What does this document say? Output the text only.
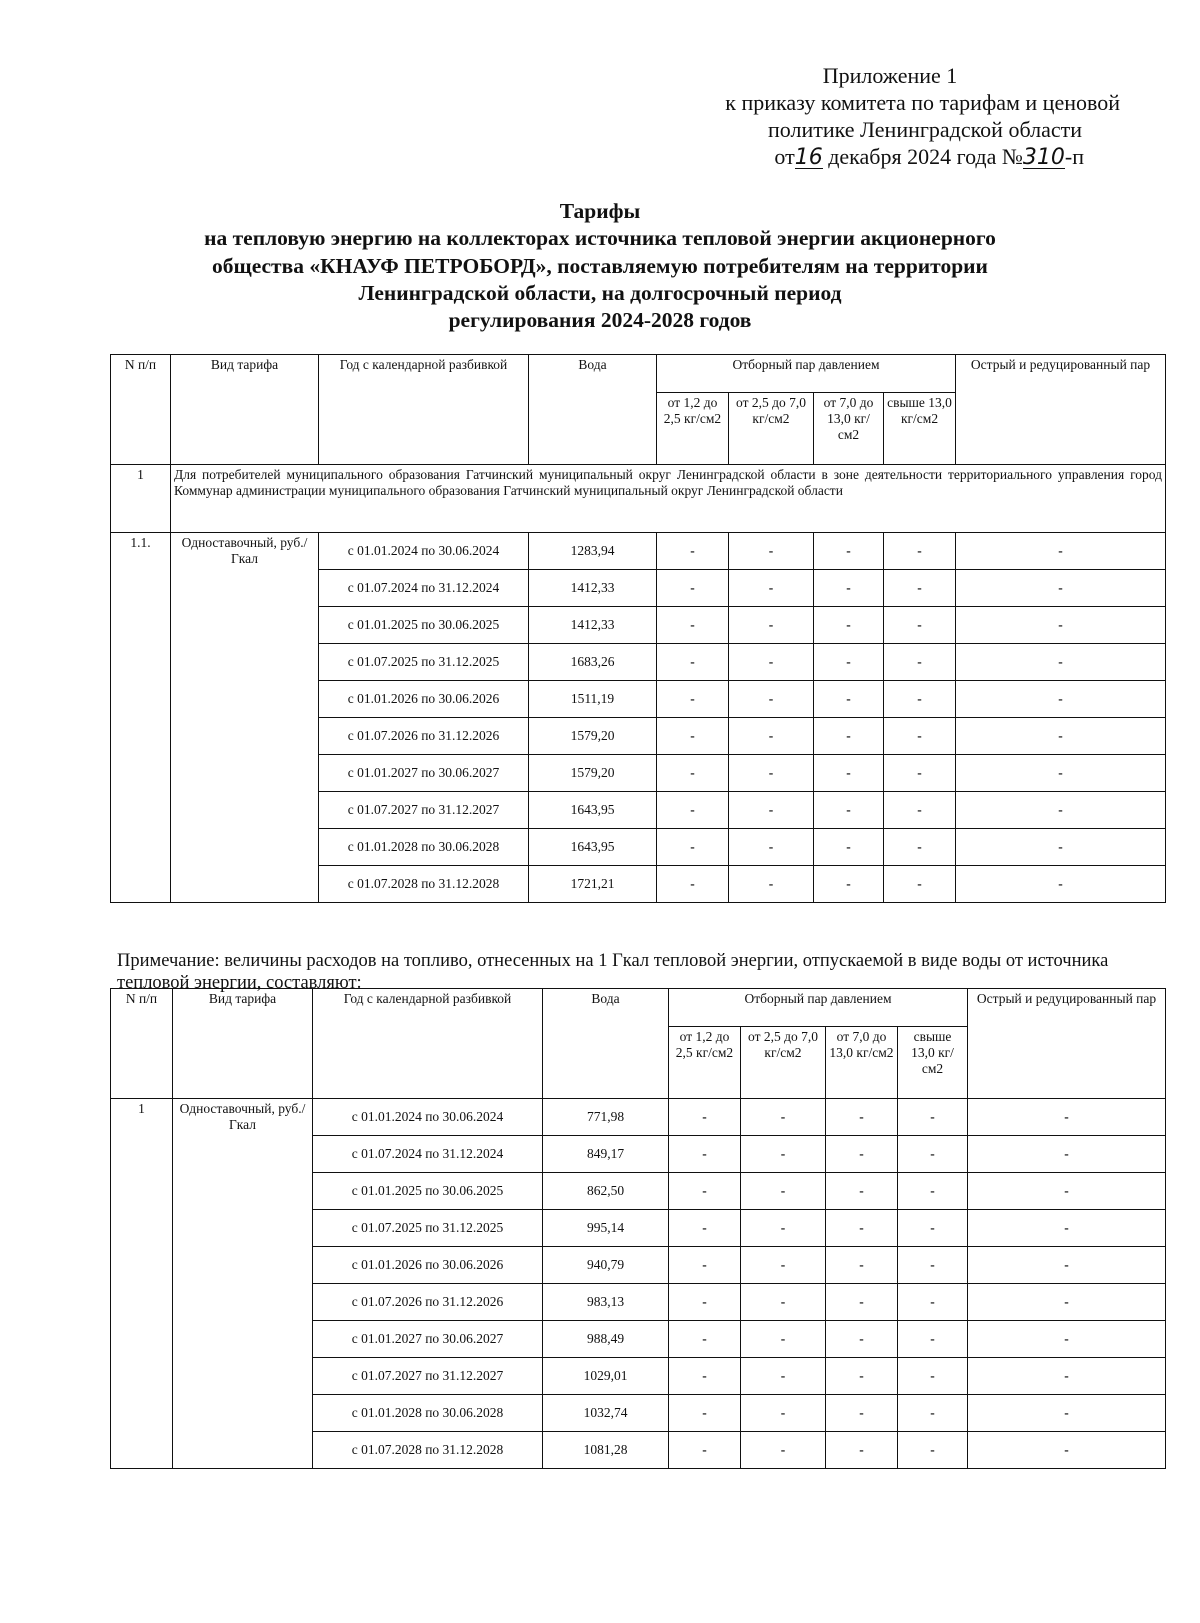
Приложение 1
к приказу комитета по тарифам и ценовой
политике Ленинградской области
от16 декабря 2024 года №310-п
Тарифы
на тепловую энергию на коллекторах источника тепловой энергии акционерного
общества «КНАУФ ПЕТРОБОРД», поставляемую потребителям на территории
Ленинградской области, на долгосрочный период
регулирования 2024-2028 годов
N п/п	Вид тарифа	Год с календарной разбивкой	Вода	Отборный пар давлением				Острый и редуцированный пар
				от 1,2 до 2,5 кг/см2	от 2,5 до 7,0 кг/см2	от 7,0 до 13,0 кг/см2	свыше 13,0 кг/см2	
1	Для потребителей муниципального образования Гатчинский муниципальный округ Ленинградской области в зоне деятельности территориального управления город Коммунар администрации муниципального образования Гатчинский муниципальный округ Ленинградской области							
1.1.	Одноставочный, руб./Гкал	с 01.01.2024 по 30.06.2024	1283,94	-	-	-	-	-
		с 01.07.2024 по 31.12.2024	1412,33	-	-	-	-	-
		с 01.01.2025 по 30.06.2025	1412,33	-	-	-	-	-
		с 01.07.2025 по 31.12.2025	1683,26	-	-	-	-	-
		с 01.01.2026 по 30.06.2026	1511,19	-	-	-	-	-
		с 01.07.2026 по 31.12.2026	1579,20	-	-	-	-	-
		с 01.01.2027 по 30.06.2027	1579,20	-	-	-	-	-
		с 01.07.2027 по 31.12.2027	1643,95	-	-	-	-	-
		с 01.01.2028 по 30.06.2028	1643,95	-	-	-	-	-
		с 01.07.2028 по 31.12.2028	1721,21	-	-	-	-	-
Примечание: величины расходов на топливо, отнесенных на 1 Гкал тепловой энергии, отпускаемой в виде воды от источника тепловой энергии, составляют:
N п/п	Вид тарифа	Год с календарной разбивкой	Вода	Отборный пар давлением				Острый и редуцированный пар
				от 1,2 до 2,5 кг/см2	от 2,5 до 7,0 кг/см2	от 7,0 до 13,0 кг/см2	свыше 13,0 кг/см2	
1	Одноставочный, руб./Гкал	с 01.01.2024 по 30.06.2024	771,98	-	-	-	-	-
		с 01.07.2024 по 31.12.2024	849,17	-	-	-	-	-
		с 01.01.2025 по 30.06.2025	862,50	-	-	-	-	-
		с 01.07.2025 по 31.12.2025	995,14	-	-	-	-	-
		с 01.01.2026 по 30.06.2026	940,79	-	-	-	-	-
		с 01.07.2026 по 31.12.2026	983,13	-	-	-	-	-
		с 01.01.2027 по 30.06.2027	988,49	-	-	-	-	-
		с 01.07.2027 по 31.12.2027	1029,01	-	-	-	-	-
		с 01.01.2028 по 30.06.2028	1032,74	-	-	-	-	-
		с 01.07.2028 по 31.12.2028	1081,28	-	-	-	-	-
